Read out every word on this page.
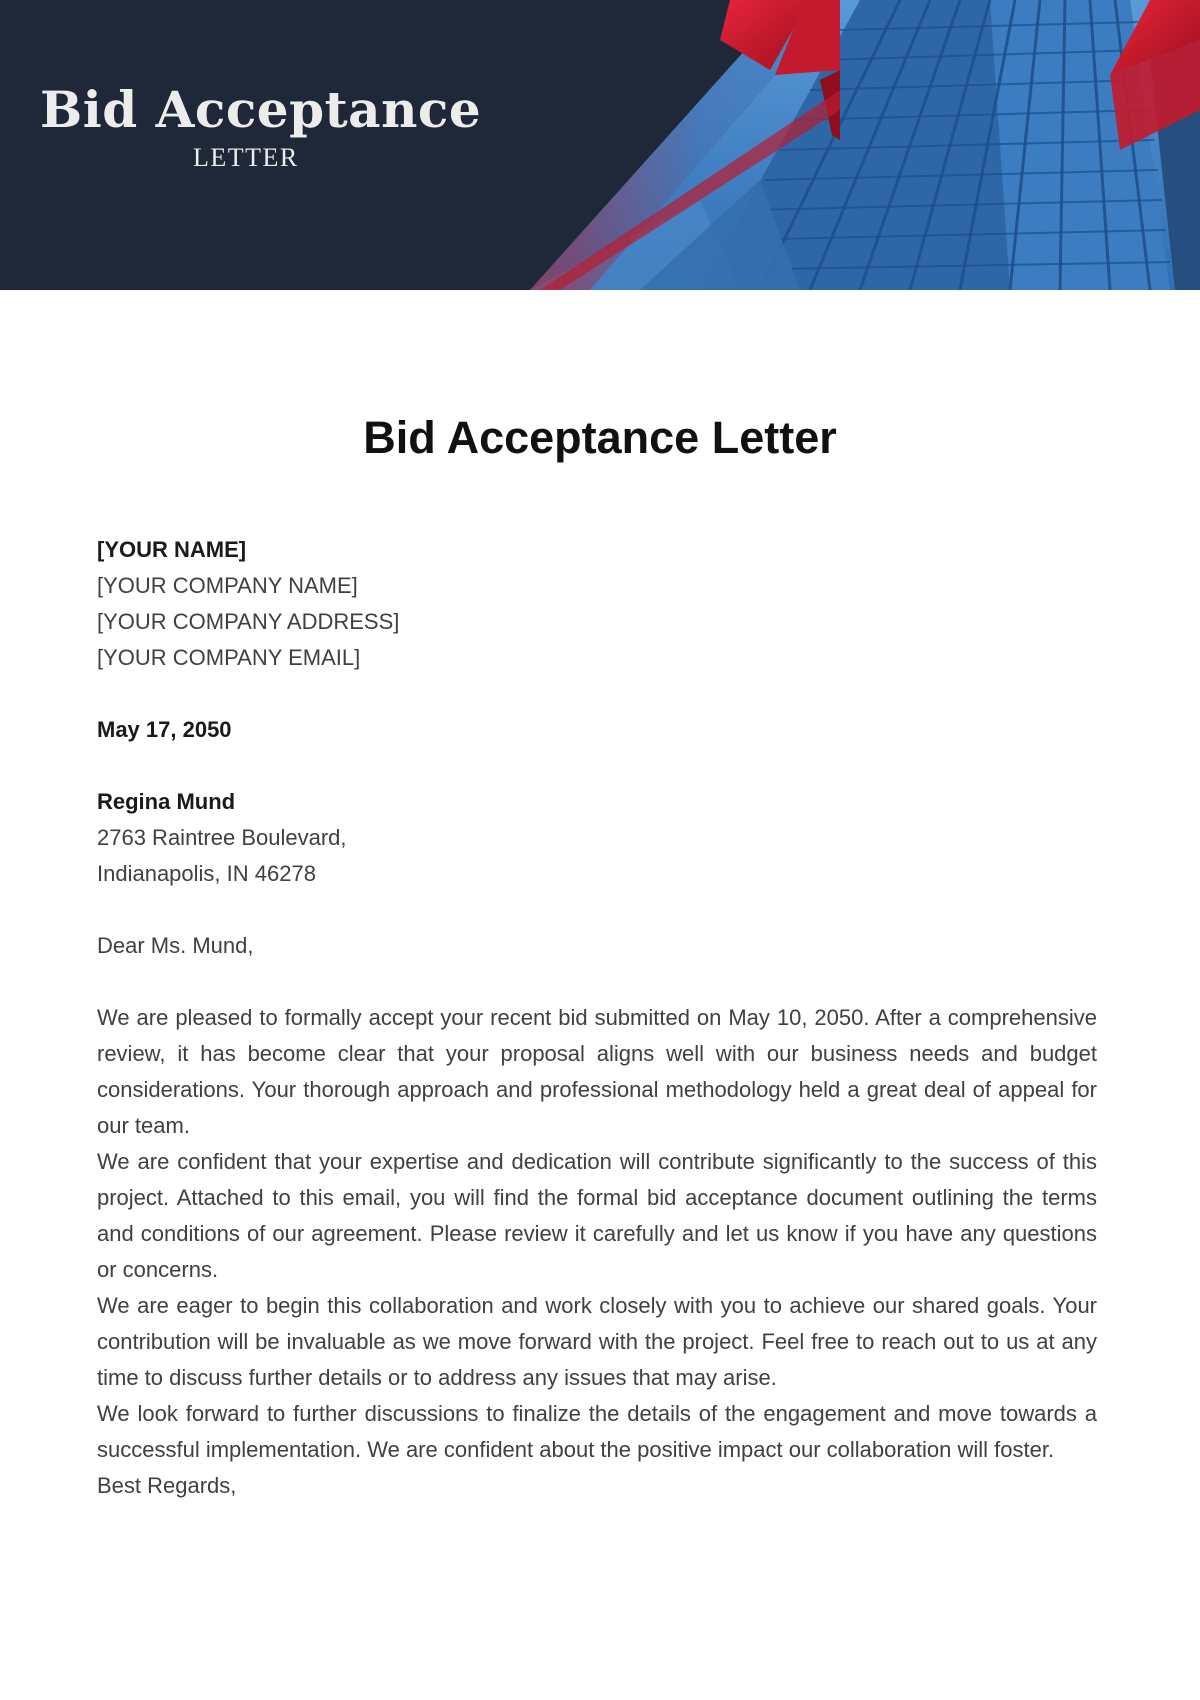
Bid Acceptance
LETTER
Bid Acceptance Letter

[YOUR NAME]

[YOUR COMPANY NAME]

[YOUR COMPANY ADDRESS]

[YOUR COMPANY EMAIL]

May 17, 2050

Regina Mund

2763 Raintree Boulevard,

Indianapolis, IN 46278

Dear Ms. Mund,

We are pleased to formally accept your recent bid submitted on May 10, 2050. After a comprehensive review, it has become clear that your proposal aligns well with our business needs and budget considerations. Your thorough approach and professional methodology held a great deal of appeal for our team.

We are confident that your expertise and dedication will contribute significantly to the success of this project. Attached to this email, you will find the formal bid acceptance document outlining the terms and conditions of our agreement. Please review it carefully and let us know if you have any questions or concerns.

We are eager to begin this collaboration and work closely with you to achieve our shared goals. Your contribution will be invaluable as we move forward with the project. Feel free to reach out to us at any time to discuss further details or to address any issues that may arise.

We look forward to further discussions to finalize the details of the engagement and move towards a successful implementation. We are confident about the positive impact our collaboration will foster.

Best Regards,
